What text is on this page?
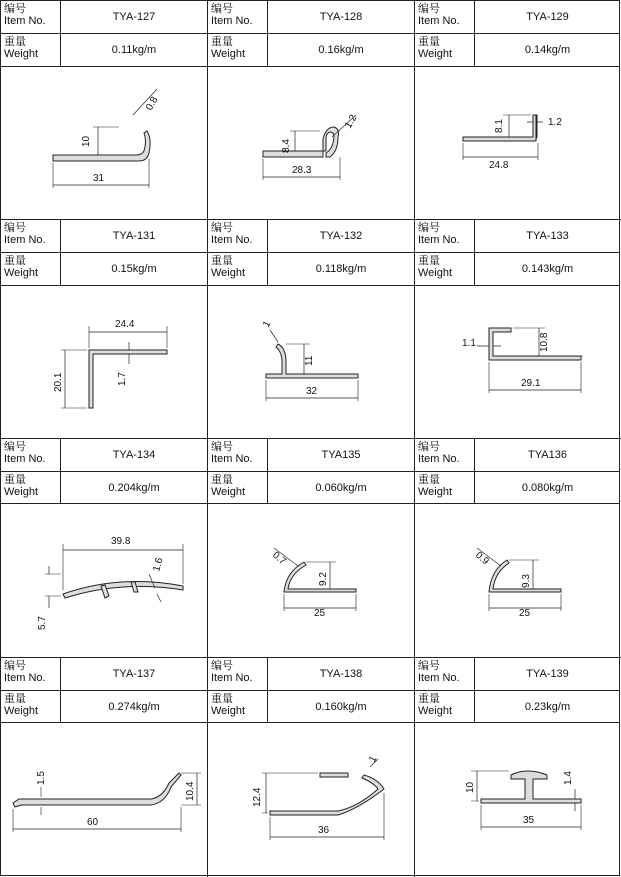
编号
Item No.	TYA-127
重量
Weight	0.11kg/m
编号
Item No.	TYA-128
重量
Weight	0.16kg/m
编号
Item No.	TYA-129
重量
Weight	0.14kg/m
0.8
10
31
1.2
8.4
28.3
8.1	1.2
24.8
编号
Item No.	TYA-131
重量
Weight	0.15kg/m
编号
Item No.	TYA-132
重量
Weight	0.118kg/m
编号
Item No.	TYA-133
重量
Weight	0.143kg/m
24.4
20.1	1.7
1
11
32
1.1	10.8
29.1
编号
Item No.	TYA-134
重量
Weight	0.204kg/m
编号
Item No.	TYA135
重量
Weight	0.060kg/m
编号
Item No.	TYA136
重量
Weight	0.080kg/m
39.8
1.6
5.7
0.7
9.2
25
0.9
9.3
25
编号
Item No.	TYA-137
重量
Weight	0.274kg/m
编号
Item No.	TYA-138
重量
Weight	0.160kg/m
编号
Item No.	TYA-139
重量
Weight	0.23kg/m
1.5
10.4
60
12.4
1
36
10
1.4
35
